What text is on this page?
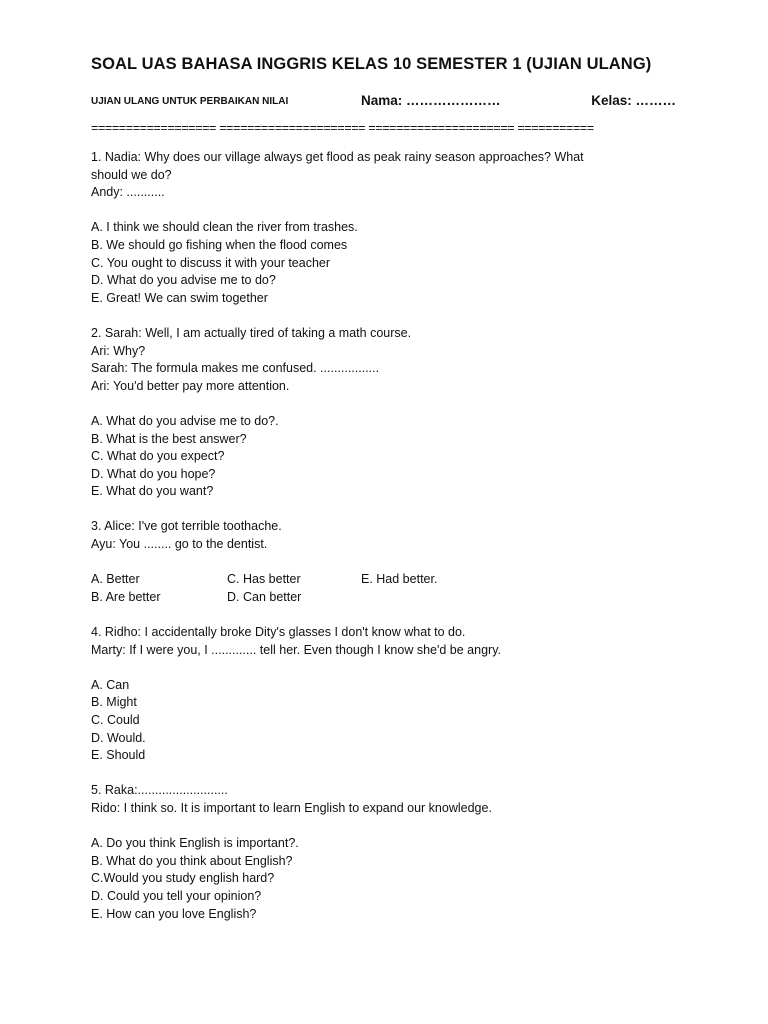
SOAL UAS BAHASA INGGRIS KELAS 10 SEMESTER 1 (UJIAN ULANG)
UJIAN ULANG UNTUK PERBAIKAN NILAI	Nama: …………………	Kelas: ………
================== ===================== ===================== ===========
1. Nadia: Why does our village always get flood as peak rainy season approaches? What
should we do?
Andy: ...........
A. I think we should clean the river from trashes.
B. We should go fishing when the flood comes
C. You ought to discuss it with your teacher
D. What do you advise me to do?
E. Great! We can swim together
2. Sarah: Well, I am actually tired of taking a math course.
Ari: Why?
Sarah: The formula makes me confused. .................
Ari: You'd better pay more attention.
A. What do you advise me to do?.
B. What is the best answer?
C. What do you expect?
D. What do you hope?
E. What do you want?
3. Alice: I've got terrible toothache.
Ayu: You ........ go to the dentist.
A. Better	C. Has better	E. Had better.
B. Are better	D. Can better
4. Ridho: I accidentally broke Dity's glasses I don't know what to do.
Marty: If I were you, I ............. tell her. Even though I know she'd be angry.
A. Can
B. Might
C. Could
D. Would.
E. Should
5. Raka:..........................
Rido: I think so. It is important to learn English to expand our knowledge.
A. Do you think English is important?.
B. What do you think about English?
C.Would you study english hard?
D. Could you tell your opinion?
E. How can you love English?
